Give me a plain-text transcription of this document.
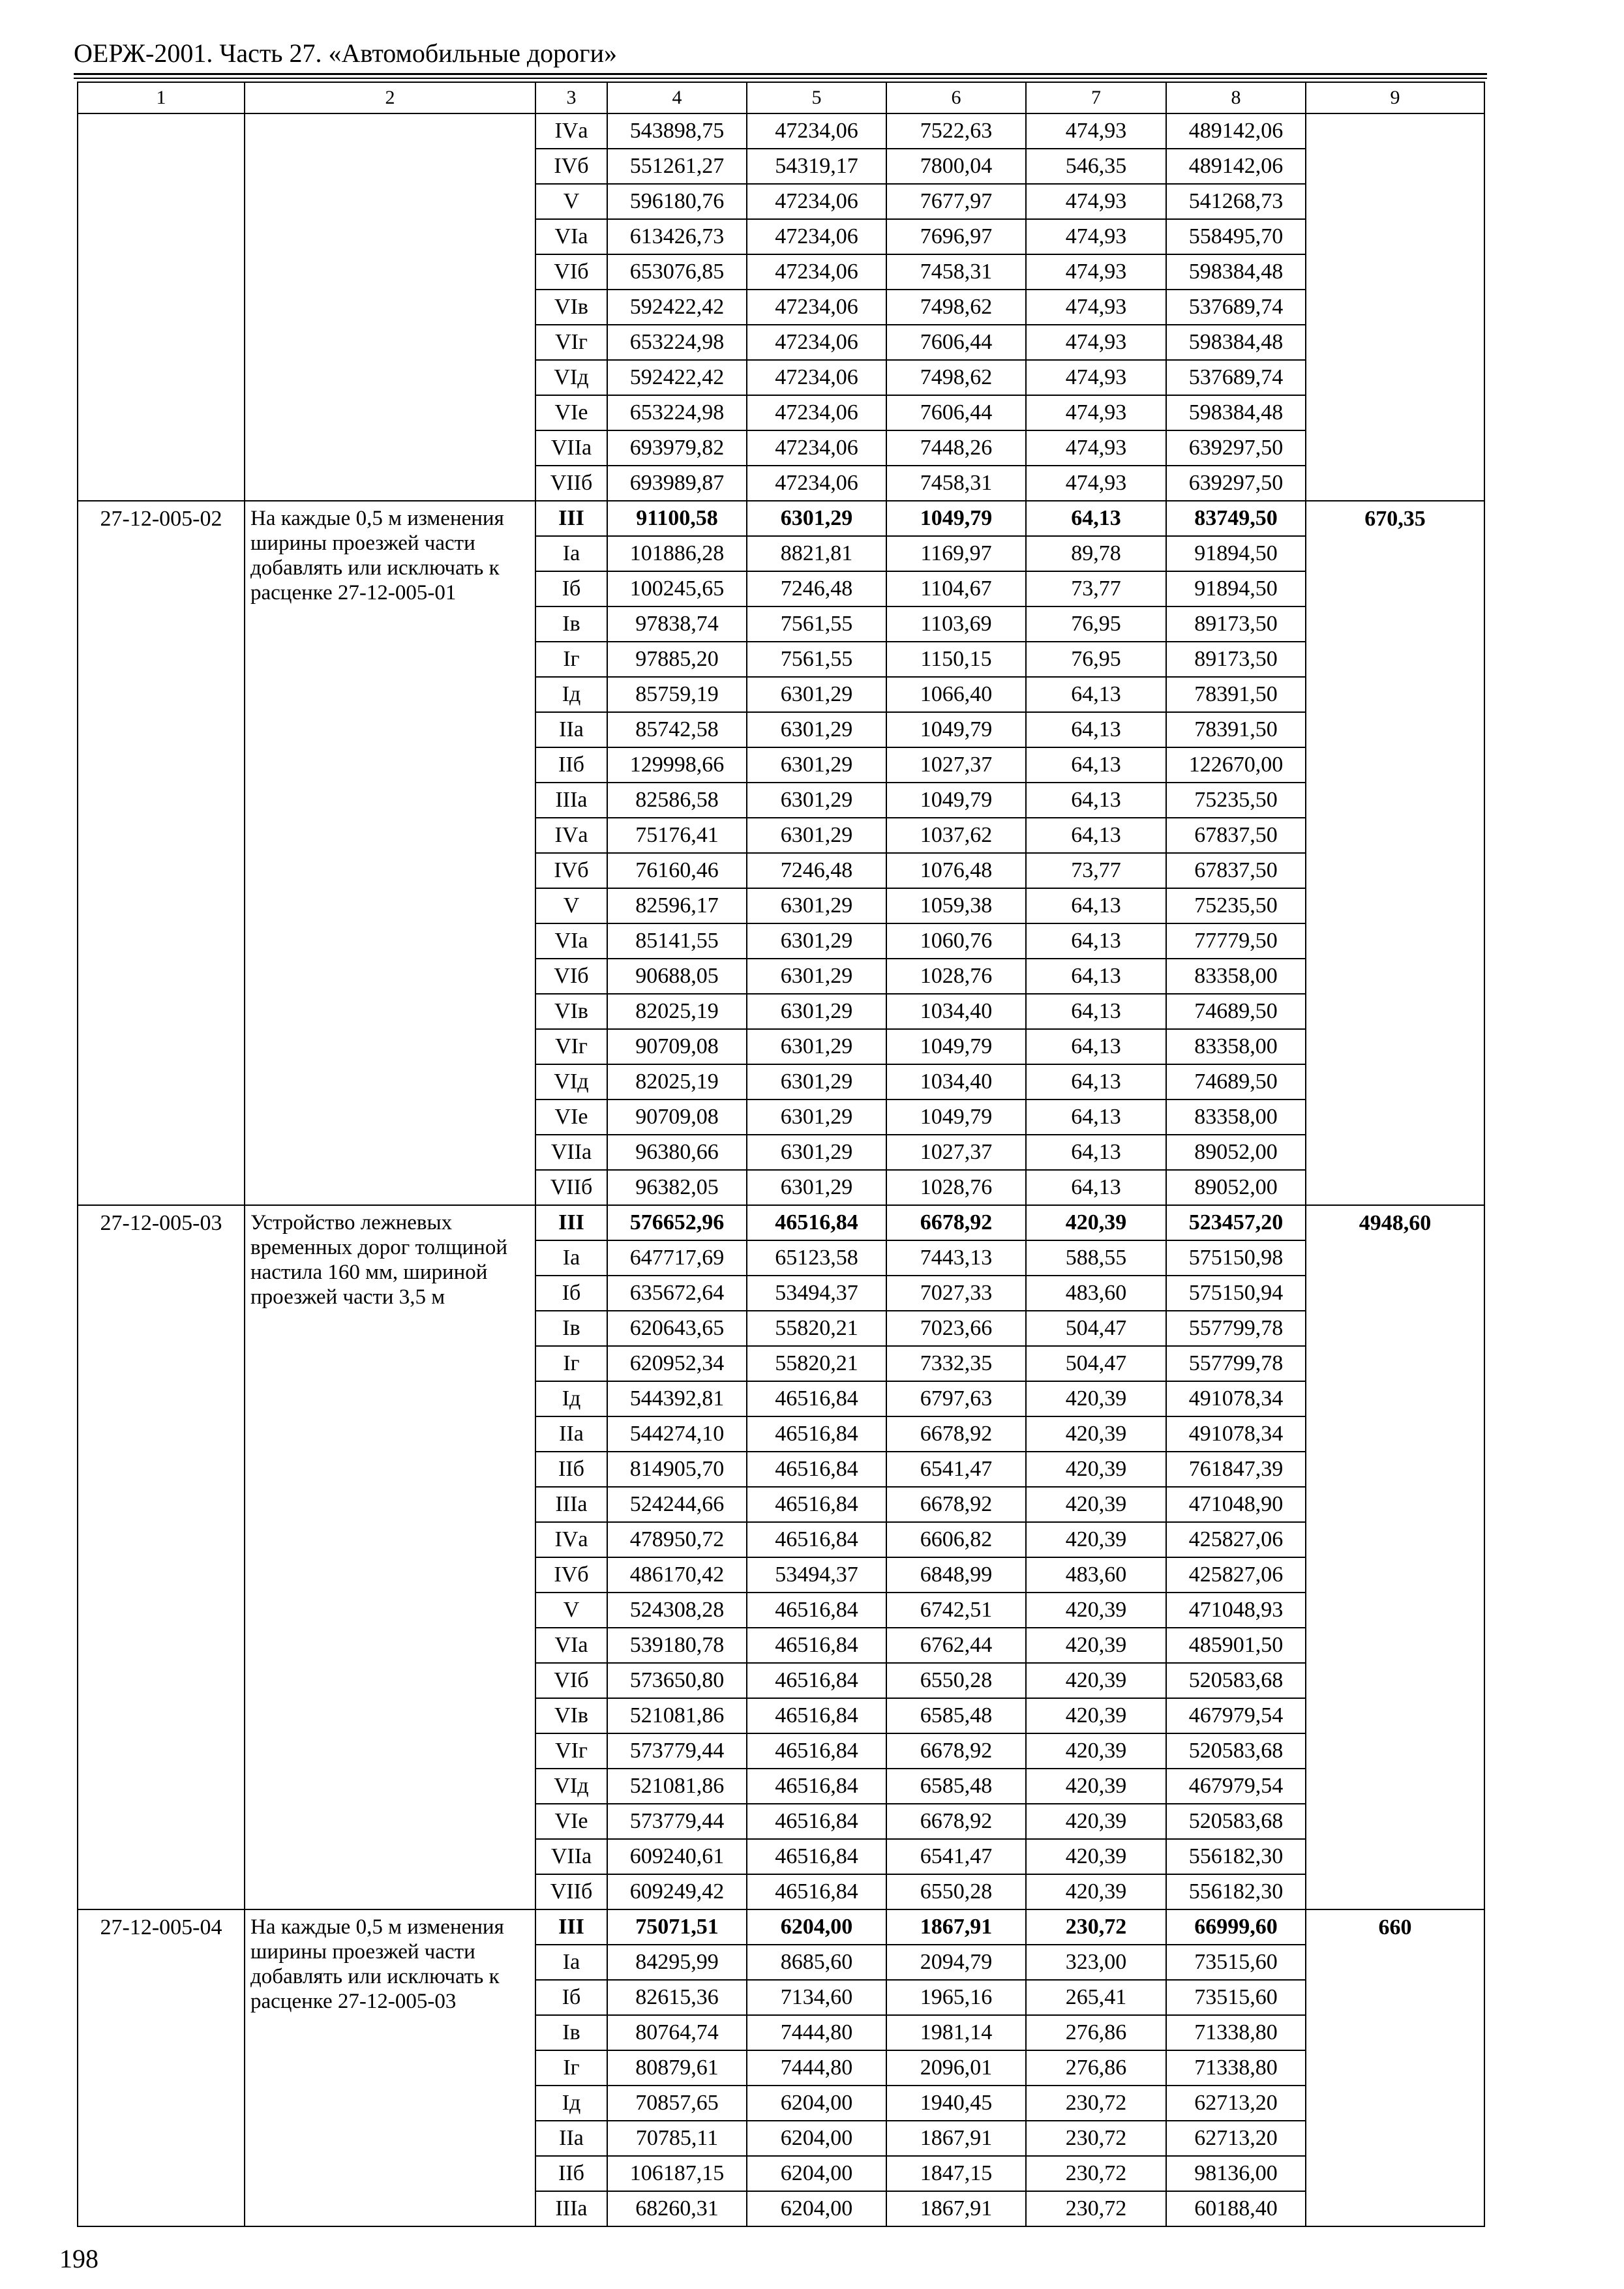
ОЕРЖ-2001. Часть 27. «Автомобильные дороги»
1	2	3	4	5	6	7	8	9
		IVа	543898,75	47234,06	7522,63	474,93	489142,06	
		IVб	551261,27	54319,17	7800,04	546,35	489142,06	
		V	596180,76	47234,06	7677,97	474,93	541268,73	
		VIа	613426,73	47234,06	7696,97	474,93	558495,70	
		VIб	653076,85	47234,06	7458,31	474,93	598384,48	
		VIв	592422,42	47234,06	7498,62	474,93	537689,74	
		VIг	653224,98	47234,06	7606,44	474,93	598384,48	
		VIд	592422,42	47234,06	7498,62	474,93	537689,74	
		VIе	653224,98	47234,06	7606,44	474,93	598384,48	
		VIIа	693979,82	47234,06	7448,26	474,93	639297,50	
		VIIб	693989,87	47234,06	7458,31	474,93	639297,50	
27-12-005-02	На каждые 0,5 м изменения ширины проезжей части добавлять или исключать к расценке 27-12-005-01	III	91100,58	6301,29	1049,79	64,13	83749,50	670,35
		Iа	101886,28	8821,81	1169,97	89,78	91894,50	
		Iб	100245,65	7246,48	1104,67	73,77	91894,50	
		Iв	97838,74	7561,55	1103,69	76,95	89173,50	
		Iг	97885,20	7561,55	1150,15	76,95	89173,50	
		Iд	85759,19	6301,29	1066,40	64,13	78391,50	
		IIа	85742,58	6301,29	1049,79	64,13	78391,50	
		IIб	129998,66	6301,29	1027,37	64,13	122670,00	
		IIIа	82586,58	6301,29	1049,79	64,13	75235,50	
		IVа	75176,41	6301,29	1037,62	64,13	67837,50	
		IVб	76160,46	7246,48	1076,48	73,77	67837,50	
		V	82596,17	6301,29	1059,38	64,13	75235,50	
		VIа	85141,55	6301,29	1060,76	64,13	77779,50	
		VIб	90688,05	6301,29	1028,76	64,13	83358,00	
		VIв	82025,19	6301,29	1034,40	64,13	74689,50	
		VIг	90709,08	6301,29	1049,79	64,13	83358,00	
		VIд	82025,19	6301,29	1034,40	64,13	74689,50	
		VIе	90709,08	6301,29	1049,79	64,13	83358,00	
		VIIа	96380,66	6301,29	1027,37	64,13	89052,00	
		VIIб	96382,05	6301,29	1028,76	64,13	89052,00	
27-12-005-03	Устройство лежневых временных дорог толщиной настила 160 мм, шириной проезжей части 3,5 м	III	576652,96	46516,84	6678,92	420,39	523457,20	4948,60
		Iа	647717,69	65123,58	7443,13	588,55	575150,98	
		Iб	635672,64	53494,37	7027,33	483,60	575150,94	
		Iв	620643,65	55820,21	7023,66	504,47	557799,78	
		Iг	620952,34	55820,21	7332,35	504,47	557799,78	
		Iд	544392,81	46516,84	6797,63	420,39	491078,34	
		IIа	544274,10	46516,84	6678,92	420,39	491078,34	
		IIб	814905,70	46516,84	6541,47	420,39	761847,39	
		IIIа	524244,66	46516,84	6678,92	420,39	471048,90	
		IVа	478950,72	46516,84	6606,82	420,39	425827,06	
		IVб	486170,42	53494,37	6848,99	483,60	425827,06	
		V	524308,28	46516,84	6742,51	420,39	471048,93	
		VIа	539180,78	46516,84	6762,44	420,39	485901,50	
		VIб	573650,80	46516,84	6550,28	420,39	520583,68	
		VIв	521081,86	46516,84	6585,48	420,39	467979,54	
		VIг	573779,44	46516,84	6678,92	420,39	520583,68	
		VIд	521081,86	46516,84	6585,48	420,39	467979,54	
		VIе	573779,44	46516,84	6678,92	420,39	520583,68	
		VIIа	609240,61	46516,84	6541,47	420,39	556182,30	
		VIIб	609249,42	46516,84	6550,28	420,39	556182,30	
27-12-005-04	На каждые 0,5 м изменения ширины проезжей части добавлять или исключать к расценке 27-12-005-03	III	75071,51	6204,00	1867,91	230,72	66999,60	660
		Iа	84295,99	8685,60	2094,79	323,00	73515,60	
		Iб	82615,36	7134,60	1965,16	265,41	73515,60	
		Iв	80764,74	7444,80	1981,14	276,86	71338,80	
		Iг	80879,61	7444,80	2096,01	276,86	71338,80	
		Iд	70857,65	6204,00	1940,45	230,72	62713,20	
		IIа	70785,11	6204,00	1867,91	230,72	62713,20	
		IIб	106187,15	6204,00	1847,15	230,72	98136,00	
		IIIа	68260,31	6204,00	1867,91	230,72	60188,40	
198
